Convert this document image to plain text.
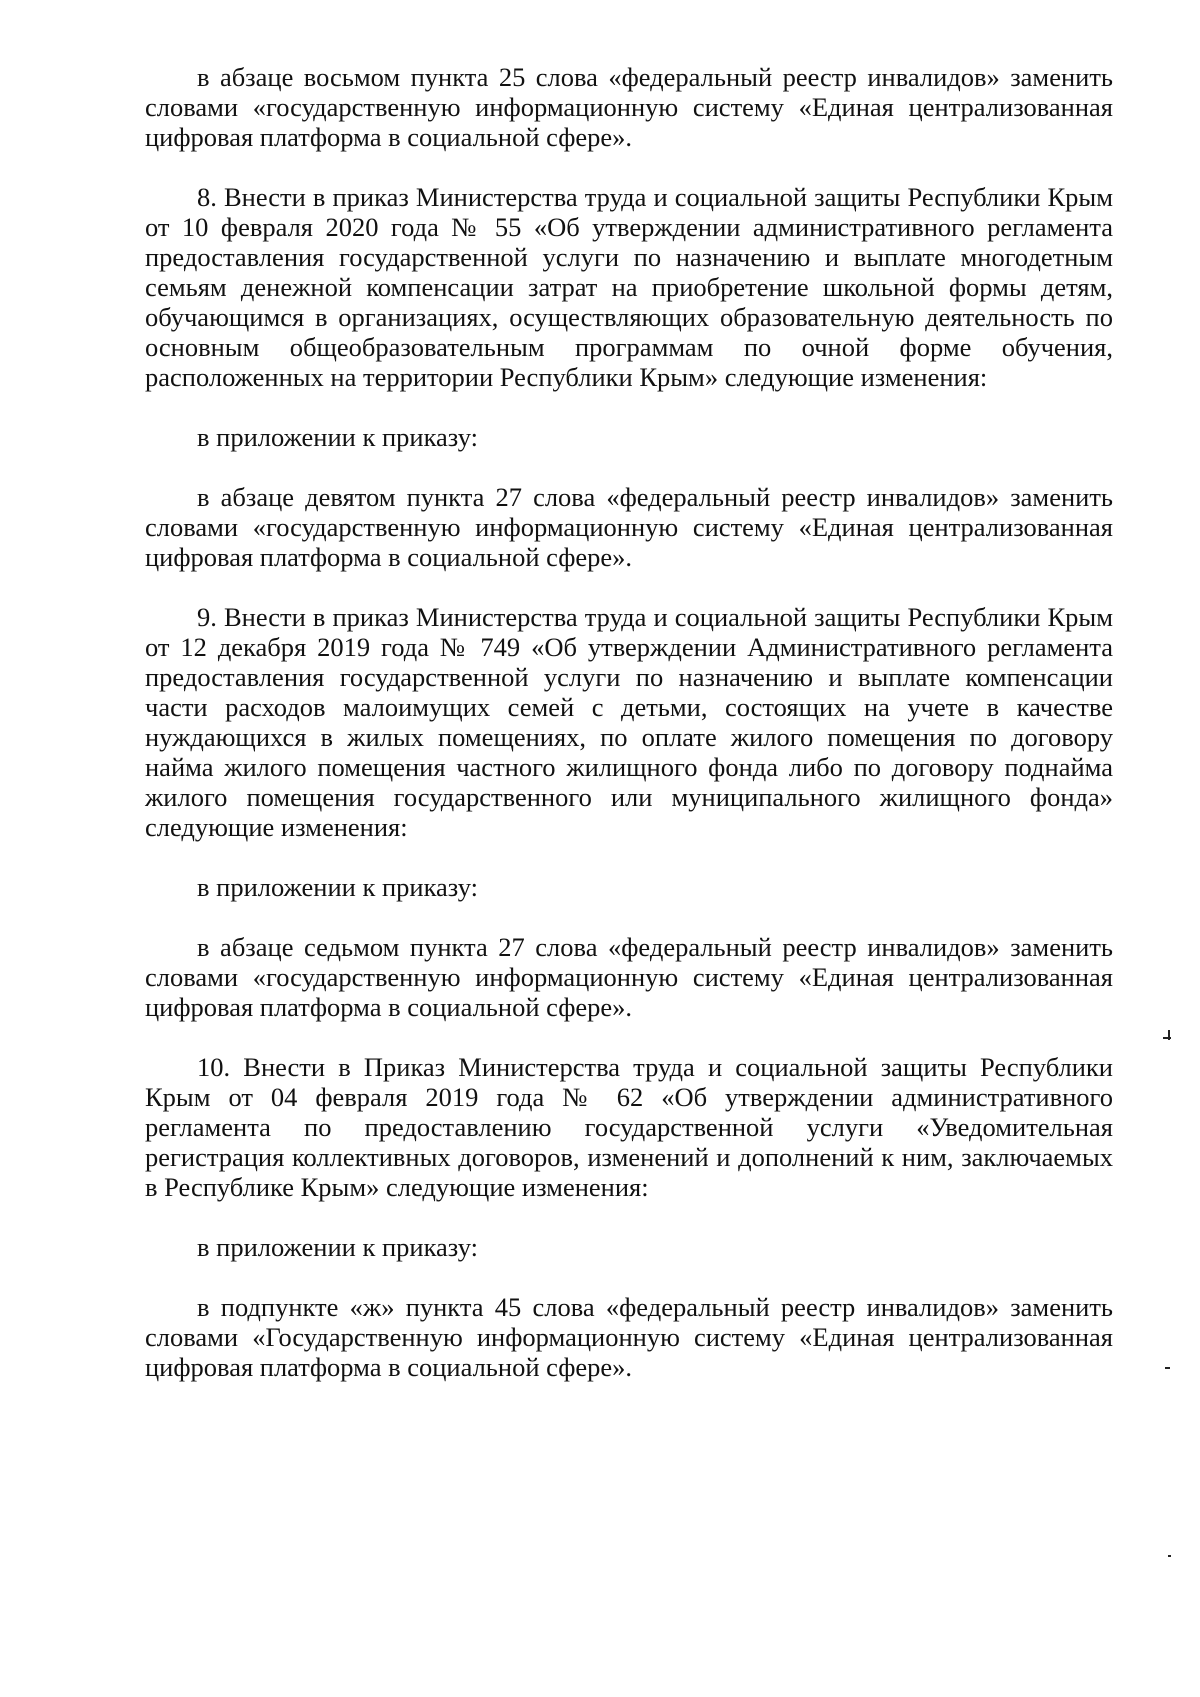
в абзаце восьмом пункта 25 слова «федеральный реестр инвалидов» заменить словами «государственную информационную систему «Единая централизованная цифровая платформа в социальной сфере».

8. Внести в приказ Министерства труда и социальной защиты Республики Крым от 10 февраля 2020 года № 55 «Об утверждении административного регламента предоставления государственной услуги по назначению и выплате многодетным семьям денежной компенсации затрат на приобретение школьной формы детям, обучающимся в организациях, осуществляющих образовательную деятельность по основным общеобразовательным программам по очной форме обучения, расположенных на территории Республики Крым» следующие изменения:

в приложении к приказу:

в абзаце девятом пункта 27 слова «федеральный реестр инвалидов» заменить словами «государственную информационную систему «Единая централизованная цифровая платформа в социальной сфере».

9. Внести в приказ Министерства труда и социальной защиты Республики Крым от 12 декабря 2019 года № 749 «Об утверждении Административного регламента предоставления государственной услуги по назначению и выплате компенсации части расходов малоимущих семей с детьми, состоящих на учете в качестве нуждающихся в жилых помещениях, по оплате жилого помещения по договору найма жилого помещения частного жилищного фонда либо по договору поднайма жилого помещения государственного или муниципального жилищного фонда» следующие изменения:

в приложении к приказу:

в абзаце седьмом пункта 27 слова «федеральный реестр инвалидов» заменить словами «государственную информационную систему «Единая централизованная цифровая платформа в социальной сфере».

10. Внести в Приказ Министерства труда и социальной защиты Республики Крым от 04 февраля 2019 года № 62 «Об утверждении административного регламента по предоставлению государственной услуги «Уведомительная регистрация коллективных договоров, изменений и дополнений к ним, заключаемых в Республике Крым» следующие изменения:

в приложении к приказу:

в подпункте «ж» пункта 45 слова «федеральный реестр инвалидов» заменить словами «Государственную информационную систему «Единая централизованная цифровая платформа в социальной сфере».
